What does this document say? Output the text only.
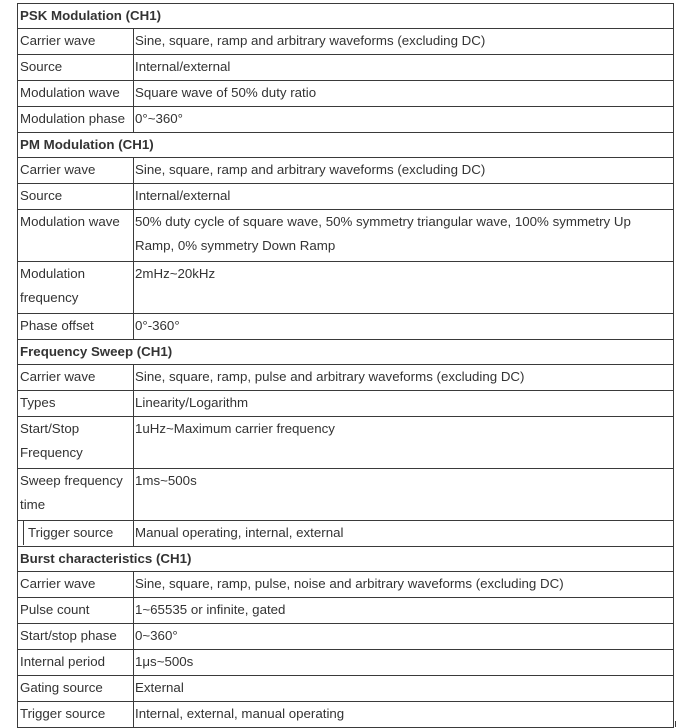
PSK Modulation (CH1)	
Carrier wave	Sine, square, ramp and arbitrary waveforms (excluding DC)
Source	Internal/external
Modulation wave	Square wave of 50% duty ratio
Modulation phase	0°~360°
PM Modulation (CH1)	
Carrier wave	Sine, square, ramp and arbitrary waveforms (excluding DC)
Source	Internal/external
Modulation wave	50% duty cycle of square wave, 50% symmetry triangular wave, 100% symmetry Up Ramp, 0% symmetry Down Ramp
Modulation frequency	2mHz~20kHz
Phase offset	0°-360°
Frequency Sweep (CH1)	
Carrier wave	Sine, square, ramp, pulse and arbitrary waveforms (excluding DC)
Types	Linearity/Logarithm
Start/Stop Frequency	1uHz~Maximum carrier frequency
Sweep frequency time	1ms~500s
Trigger source	Manual operating, internal, external
Burst characteristics (CH1)	
Carrier wave	Sine, square, ramp, pulse, noise and arbitrary waveforms (excluding DC)
Pulse count	1~65535 or infinite, gated
Start/stop phase	0~360°
Internal period	1μs~500s
Gating source	External
Trigger source	Internal, external, manual operating
